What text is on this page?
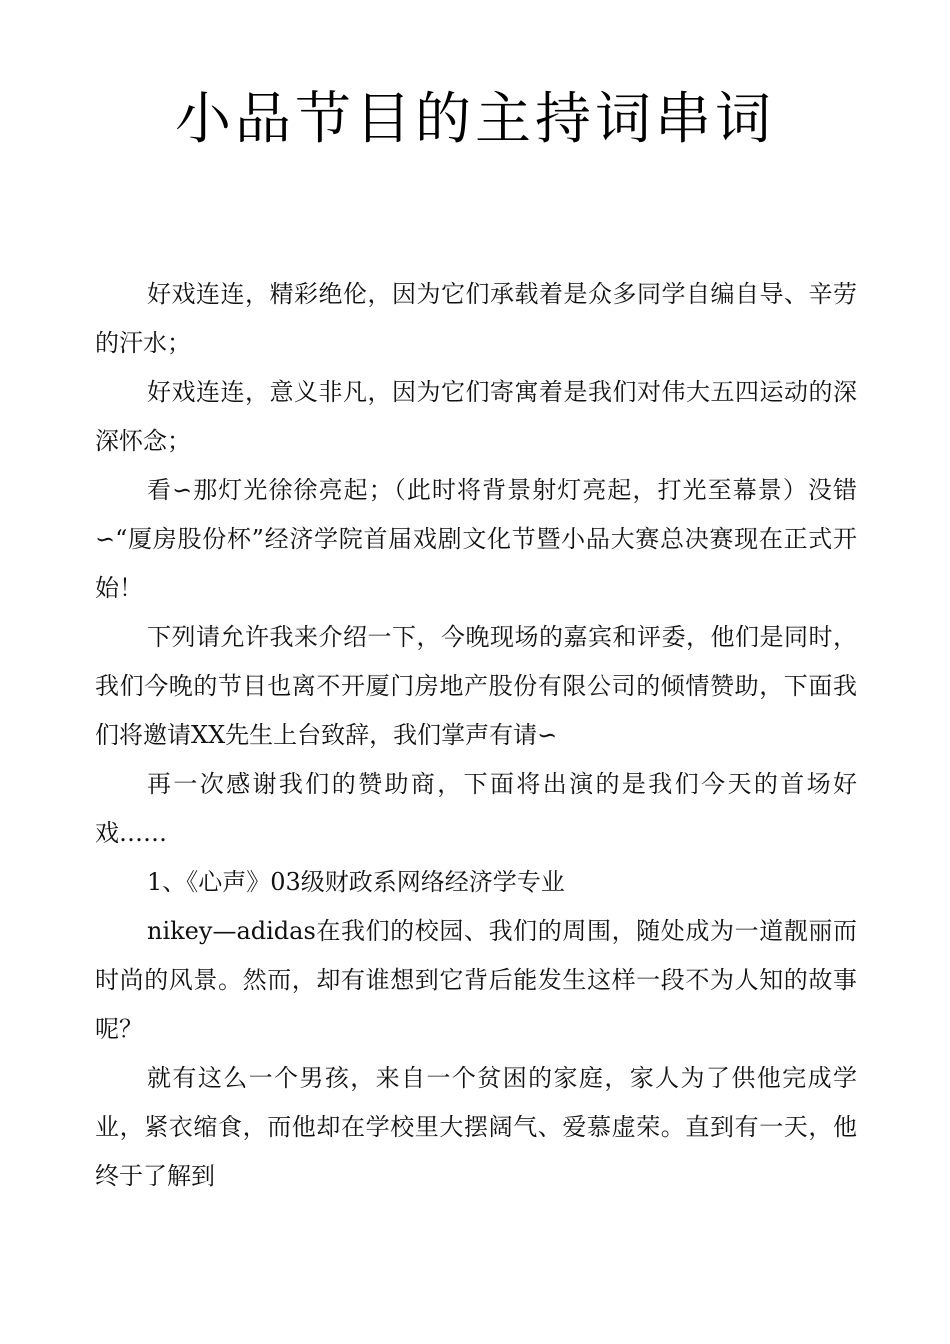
小品节目的主持词串词

好戏连连，精彩绝伦，因为它们承载着是众多同学自编自导、辛劳的汗水；

好戏连连，意义非凡，因为它们寄寓着是我们对伟大五四运动的深深怀念；

看∽那灯光徐徐亮起；（此时将背景射灯亮起，打光至幕景）没错∽“厦房股份杯”经济学院首届戏剧文化节暨小品大赛总决赛现在正式开始！

下列请允许我来介绍一下，今晚现场的嘉宾和评委，他们是同时，我们今晚的节目也离不开厦门房地产股份有限公司的倾情赞助，下面我们将邀请XX先生上台致辞，我们掌声有请∽

再一次感谢我们的赞助商，下面将出演的是我们今天的首场好戏……

1、《心声》03级财政系网络经济学专业

nikey—adidas在我们的校园、我们的周围，随处成为一道靓丽而时尚的风景。然而，却有谁想到它背后能发生这样一段不为人知的故事呢？

就有这么一个男孩，来自一个贫困的家庭，家人为了供他完成学业，紧衣缩食，而他却在学校里大摆阔气、爱慕虚荣。直到有一天，他终于了解到
